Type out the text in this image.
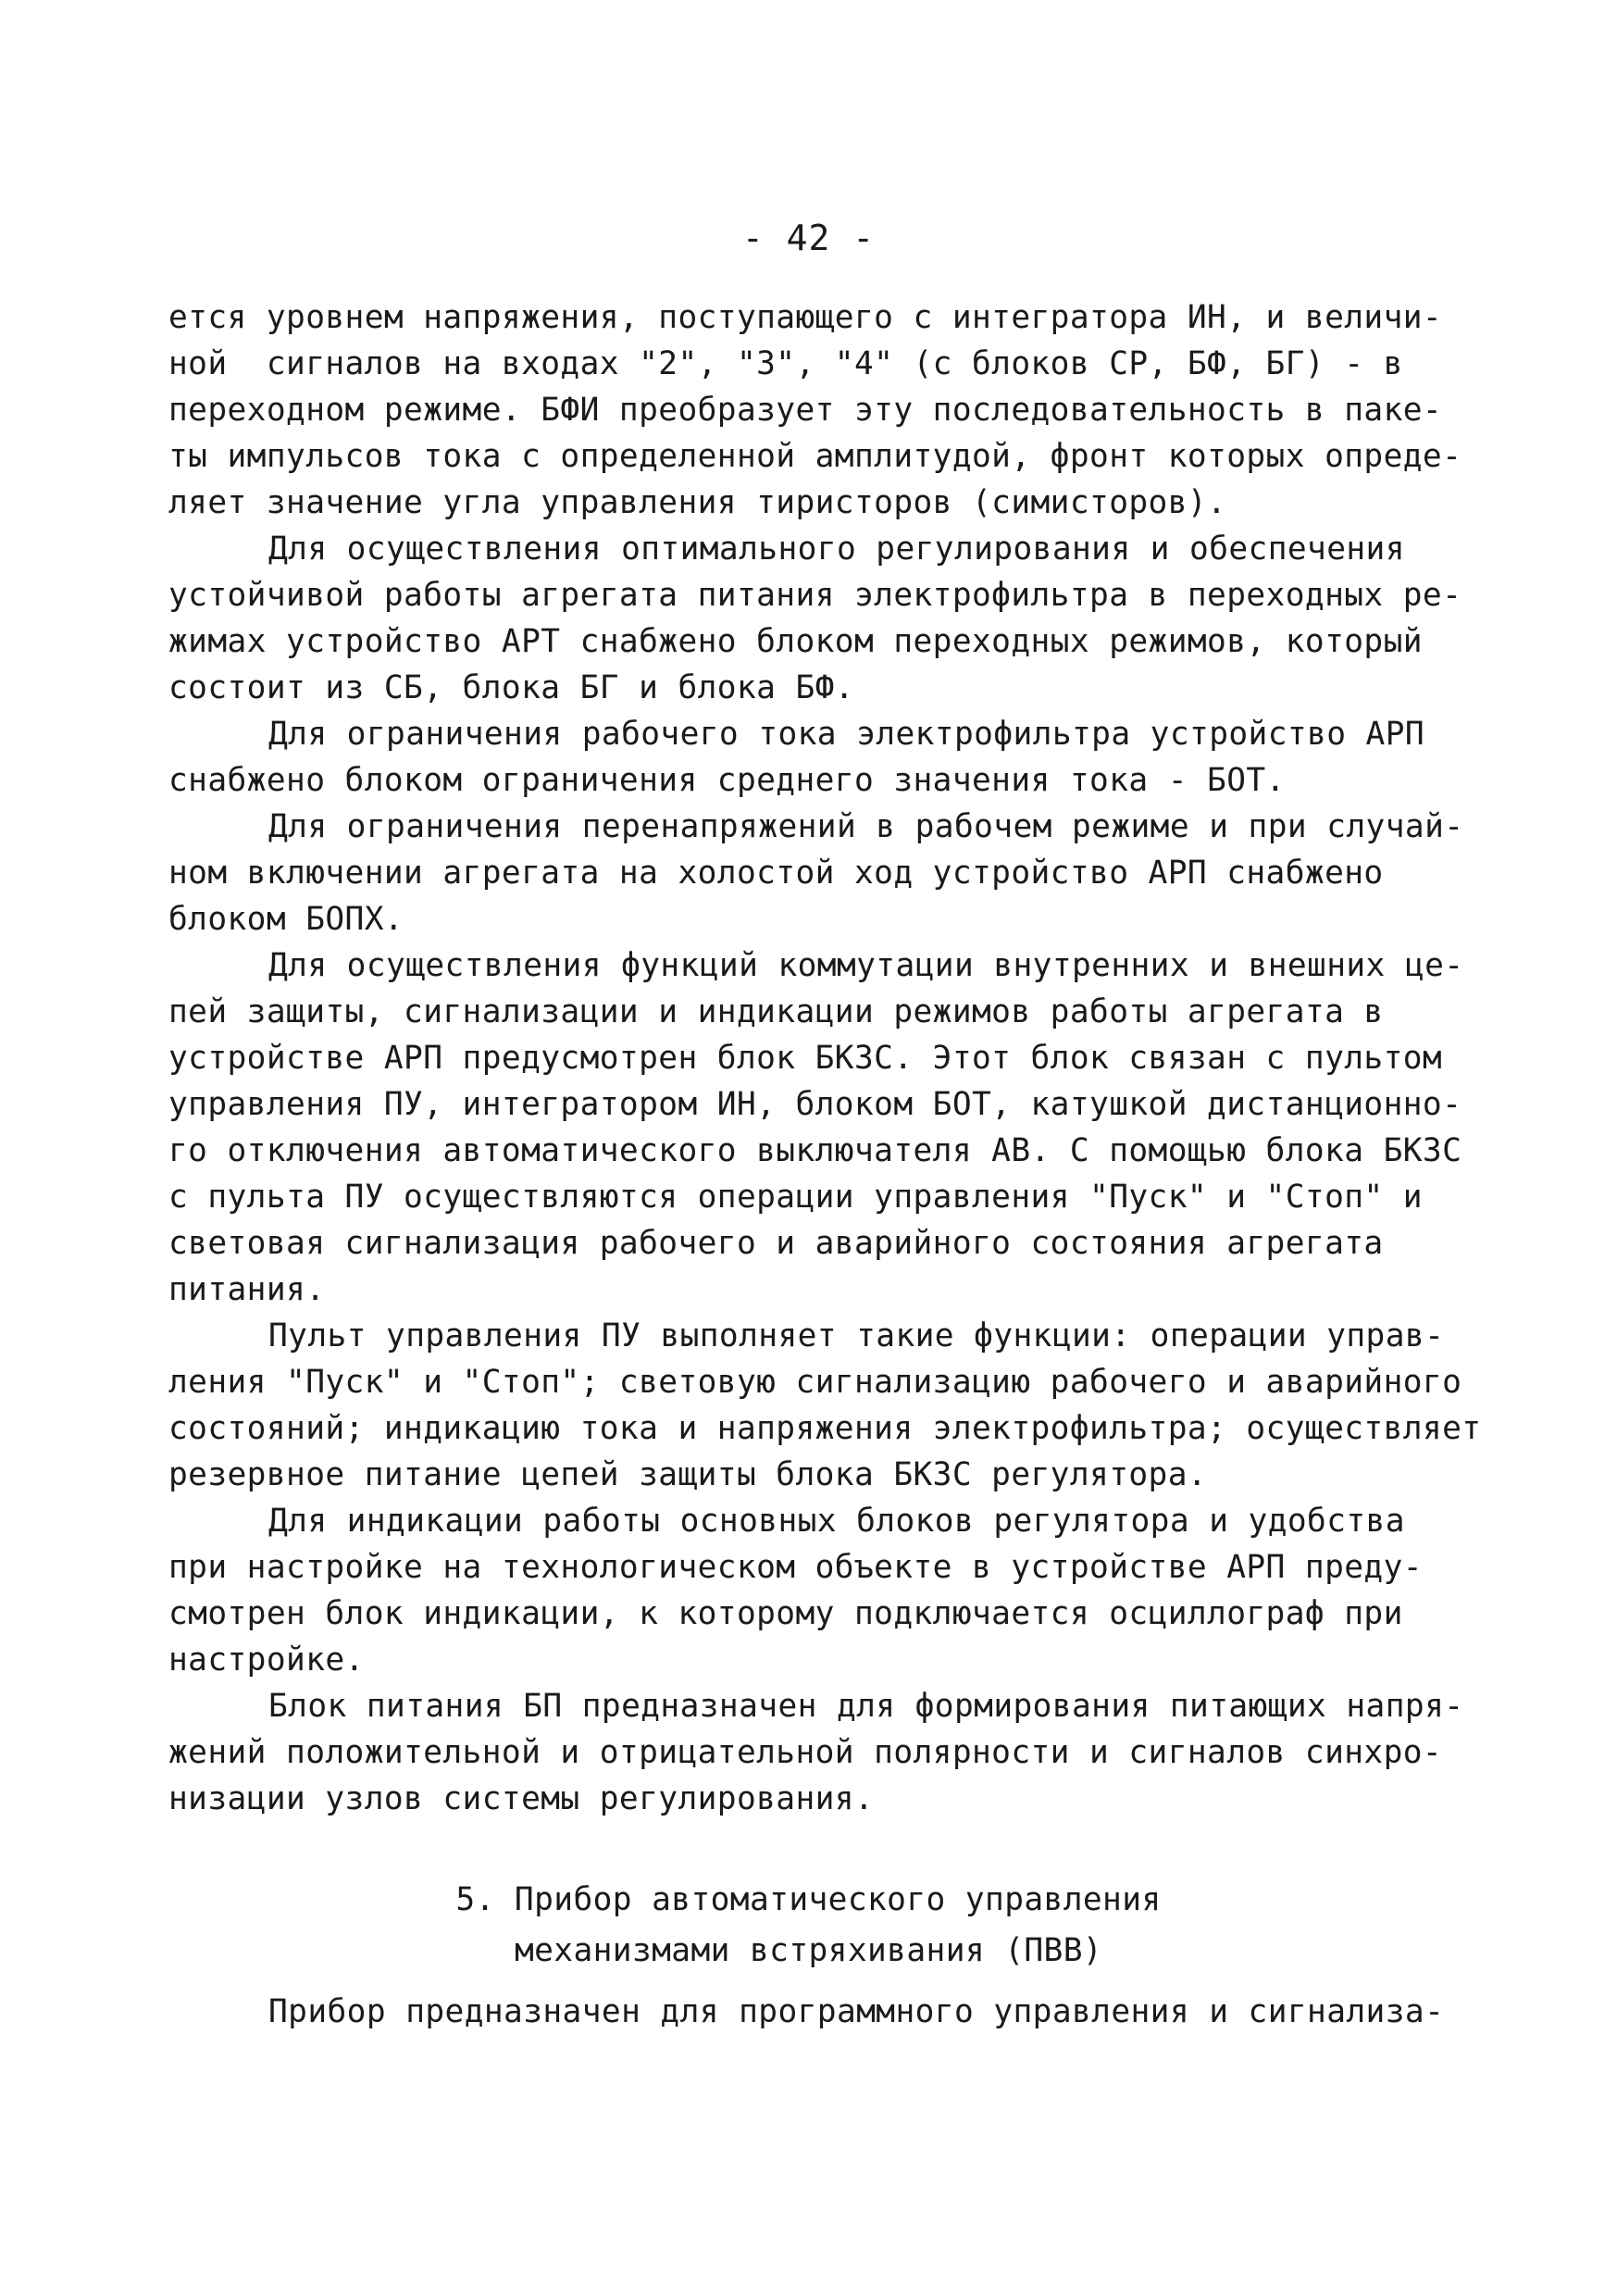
- 42 -
ется уровнем напряжения, поступающего с интегратора ИН, и величи-
ной  сигналов на входах "2", "3", "4" (с блоков СР, БФ, БГ) - в
переходном режиме. БФИ преобразует эту последовательность в паке-
ты импульсов тока с определенной амплитудой, фронт которых опреде-
ляет значение угла управления тиристоров (симисторов).
Для осуществления оптимального регулирования и обеспечения
устойчивой работы агрегата питания электрофильтра в переходных ре-
жимах устройство АРТ снабжено блоком переходных режимов, который
состоит из СБ, блока БГ и блока БФ.
Для ограничения рабочего тока электрофильтра устройство АРП
снабжено блоком ограничения среднего значения тока - БОТ.
Для ограничения перенапряжений в рабочем режиме и при случай-
ном включении агрегата на холостой ход устройство АРП снабжено
блоком БОПХ.
Для осуществления функций коммутации внутренних и внешних це-
пей защиты, сигнализации и индикации режимов работы агрегата в
устройстве АРП предусмотрен блок БКЗС. Этот блок связан с пультом
управления ПУ, интегратором ИН, блоком БОТ, катушкой дистанционно-
го отключения автоматического выключателя АВ. С помощью блока БКЗС
с пульта ПУ осуществляются операции управления "Пуск" и "Стоп" и
световая сигнализация рабочего и аварийного состояния агрегата
питания.
Пульт управления ПУ выполняет такие функции: операции управ-
ления "Пуск" и "Стоп"; световую сигнализацию рабочего и аварийного
состояний; индикацию тока и напряжения электрофильтра; осуществляет
резервное питание цепей защиты блока БКЗС регулятора.
Для индикации работы основных блоков регулятора и удобства
при настройке на технологическом объекте в устройстве АРП преду-
смотрен блок индикации, к которому подключается осциллограф при
настройке.
Блок питания БП предназначен для формирования питающих напря-
жений положительной и отрицательной полярности и сигналов синхро-
низации узлов системы регулирования.
5. Прибор автоматического управления
механизмами встряхивания (ПВВ)
Прибор предназначен для программного управления и сигнализа-
